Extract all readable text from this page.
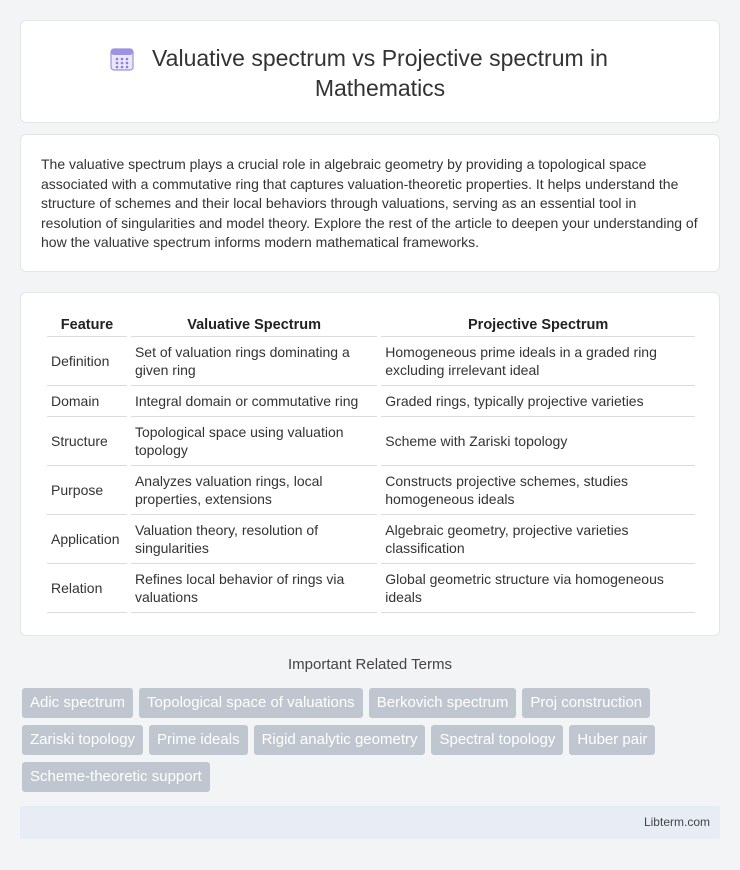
Valuative spectrum vs Projective spectrum in Mathematics

The valuative spectrum plays a crucial role in algebraic geometry by providing a topological space associated with a commutative ring that captures valuation-theoretic properties. It helps understand the structure of schemes and their local behaviors through valuations, serving as an essential tool in resolution of singularities and model theory. Explore the rest of the article to deepen your understanding of how the valuative spectrum informs modern mathematical frameworks.

Feature	Valuative Spectrum	Projective Spectrum
Definition	Set of valuation rings dominating a given ring	Homogeneous prime ideals in a graded ring excluding irrelevant ideal
Domain	Integral domain or commutative ring	Graded rings, typically projective varieties
Structure	Topological space using valuation topology	Scheme with Zariski topology
Purpose	Analyzes valuation rings, local properties, extensions	Constructs projective schemes, studies homogeneous ideals
Application	Valuation theory, resolution of singularities	Algebraic geometry, projective varieties classification
Relation	Refines local behavior of rings via valuations	Global geometric structure via homogeneous ideals
Important Related Terms
Adic spectrum	Topological space of valuations	Berkovich spectrum	Proj construction
Zariski topology	Prime ideals	Rigid analytic geometry	Spectral topology	Huber pair
Scheme-theoretic support
Libterm.com
